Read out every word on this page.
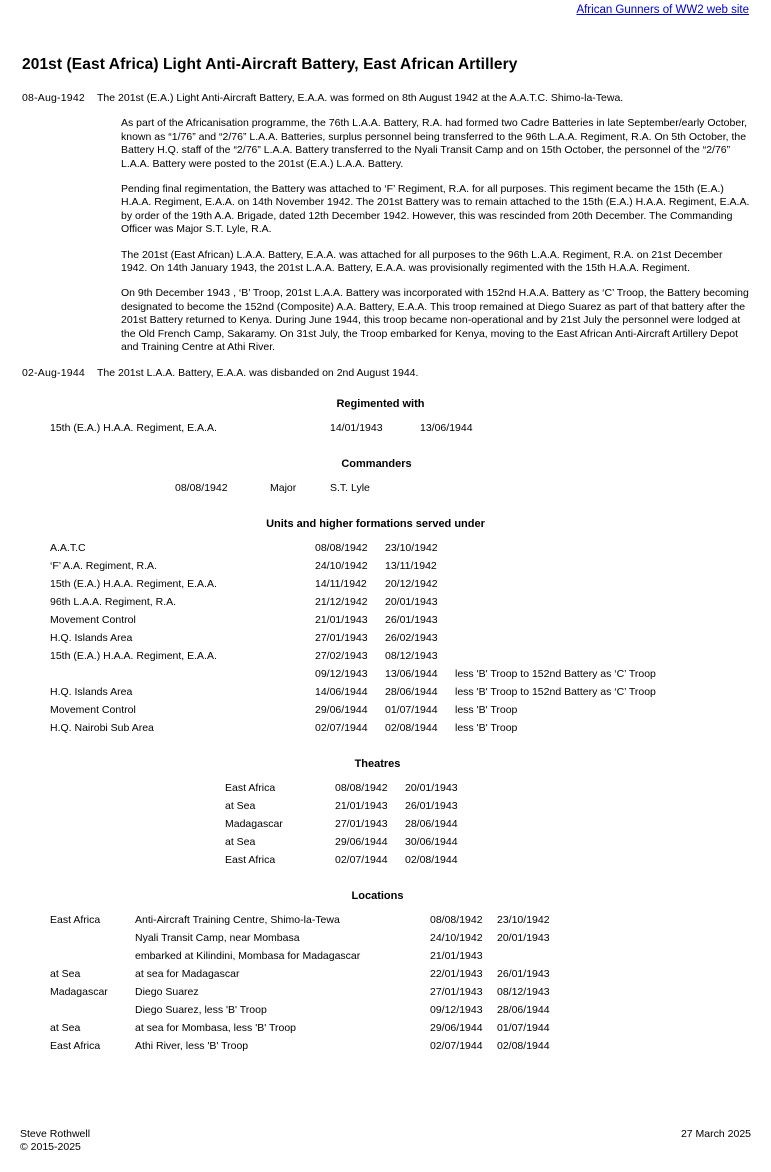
African Gunners of WW2 web site
201st (East Africa) Light Anti-Aircraft Battery, East African Artillery
08-Aug-1942	The 201st (E.A.) Light Anti-Aircraft Battery, E.A.A. was formed on 8th August 1942 at the A.A.T.C. Shimo-la-Tewa.

As part of the Africanisation programme, the 76th L.A.A. Battery, R.A. had formed two Cadre Batteries in late September/early October, known as “1/76” and “2/76” L.A.A. Batteries, surplus personnel being transferred to the 96th L.A.A. Regiment, R.A. On 5th October, the Battery H.Q. staff of the “2/76” L.A.A. Battery transferred to the Nyali Transit Camp and on 15th October, the personnel of the “2/76” L.A.A. Battery were posted to the 201st (E.A.) L.A.A. Battery.

Pending final regimentation, the Battery was attached to ‘F’ Regiment, R.A. for all purposes. This regiment became the 15th (E.A.) H.A.A. Regiment, E.A.A. on 14th November 1942. The 201st Battery was to remain attached to the 15th (E.A.) H.A.A. Regiment, E.A.A. by order of the 19th A.A. Brigade, dated 12th December 1942. However, this was rescinded from 20th December. The Commanding Officer was Major S.T. Lyle, R.A.

The 201st (East African) L.A.A. Battery, E.A.A. was attached for all purposes to the 96th L.A.A. Regiment, R.A. on 21st December 1942. On 14th January 1943, the 201st L.A.A. Battery, E.A.A. was provisionally regimented with the 15th H.A.A. Regiment.

On 9th December 1943 , ‘B’ Troop, 201st L.A.A. Battery was incorporated with 152nd H.A.A. Battery as ‘C’ Troop, the Battery becoming designated to become the 152nd (Composite) A.A. Battery, E.A.A. This troop remained at Diego Suarez as part of that battery after the 201st Battery returned to Kenya. During June 1944, this troop became non-operational and by 21st July the personnel were lodged at the Old French Camp, Sakaramy. On 31st July, the Troop embarked for Kenya, moving to the East African Anti-Aircraft Artillery Depot and Training Centre at Athi River.

02-Aug-1944	The 201st L.A.A. Battery, E.A.A. was disbanded on 2nd August 1944.

Regimented with
15th (E.A.) H.A.A. Regiment, E.A.A.	14/01/1943	13/06/1944
Commanders
08/08/1942	Major	S.T. Lyle
Units and higher formations served under
A.A.T.C	08/08/1942	23/10/1942	
‘F’ A.A. Regiment, R.A.	24/10/1942	13/11/1942	
15th (E.A.) H.A.A. Regiment, E.A.A.	14/11/1942	20/12/1942	
96th L.A.A. Regiment, R.A.	21/12/1942	20/01/1943	
Movement Control	21/01/1943	26/01/1943	
H.Q. Islands Area	27/01/1943	26/02/1943	
15th (E.A.) H.A.A. Regiment, E.A.A.	27/02/1943	08/12/1943	
	09/12/1943	13/06/1944	less 'B' Troop to 152nd Battery as ‘C’ Troop
H.Q. Islands Area	14/06/1944	28/06/1944	less 'B' Troop to 152nd Battery as ‘C’ Troop
Movement Control	29/06/1944	01/07/1944	less 'B' Troop
H.Q. Nairobi Sub Area	02/07/1944	02/08/1944	less 'B' Troop
Theatres
East Africa	08/08/1942	20/01/1943
at Sea	21/01/1943	26/01/1943
Madagascar	27/01/1943	28/06/1944
at Sea	29/06/1944	30/06/1944
East Africa	02/07/1944	02/08/1944
Locations
East Africa	Anti-Aircraft Training Centre, Shimo-la-Tewa	08/08/1942	23/10/1942
	Nyali Transit Camp, near Mombasa	24/10/1942	20/01/1943
	embarked at Kilindini, Mombasa for Madagascar	21/01/1943	
at Sea	at sea for Madagascar	22/01/1943	26/01/1943
Madagascar	Diego Suarez	27/01/1943	08/12/1943
	Diego Suarez, less 'B' Troop	09/12/1943	28/06/1944
at Sea	at sea for Mombasa, less 'B' Troop	29/06/1944	01/07/1944
East Africa	Athi River, less 'B' Troop	02/07/1944	02/08/1944
Steve Rothwell
© 2015-2025
27 March 2025
